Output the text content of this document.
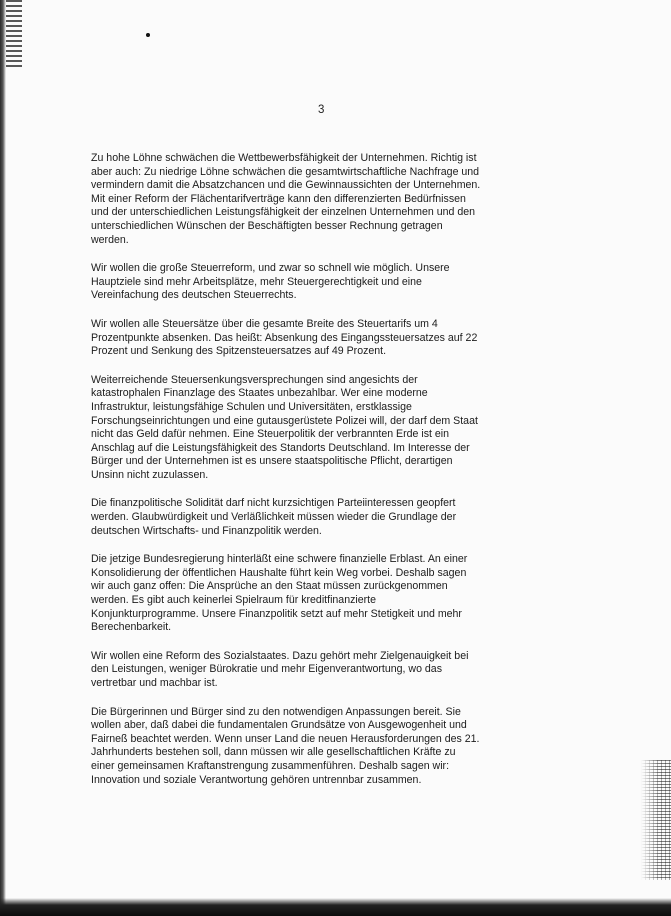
3

Zu hohe Löhne schwächen die Wettbewerbsfähigkeit der Unternehmen. Richtig ist
aber auch: Zu niedrige Löhne schwächen die gesamtwirtschaftliche Nachfrage und
vermindern damit die Absatzchancen und die Gewinnaussichten der Unternehmen.
Mit einer Reform der Flächentarifverträge kann den differenzierten Bedürfnissen
und der unterschiedlichen Leistungsfähigkeit der einzelnen Unternehmen und den
unterschiedlichen Wünschen der Beschäftigten besser Rechnung getragen
werden.

Wir wollen die große Steuerreform, und zwar so schnell wie möglich. Unsere
Hauptziele sind mehr Arbeitsplätze, mehr Steuergerechtigkeit und eine
Vereinfachung des deutschen Steuerrechts.

Wir wollen alle Steuersätze über die gesamte Breite des Steuertarifs um 4
Prozentpunkte absenken. Das heißt: Absenkung des Eingangssteuersatzes auf 22
Prozent und Senkung des Spitzensteuersatzes auf 49 Prozent.

Weiterreichende Steuersenkungsversprechungen sind angesichts der
katastrophalen Finanzlage des Staates unbezahlbar. Wer eine moderne
Infrastruktur, leistungsfähige Schulen und Universitäten, erstklassige
Forschungseinrichtungen und eine gutausgerüstete Polizei will, der darf dem Staat
nicht das Geld dafür nehmen. Eine Steuerpolitik der verbrannten Erde ist ein
Anschlag auf die Leistungsfähigkeit des Standorts Deutschland. Im Interesse der
Bürger und der Unternehmen ist es unsere staatspolitische Pflicht, derartigen
Unsinn nicht zuzulassen.

Die finanzpolitische Solidität darf nicht kurzsichtigen Parteiinteressen geopfert
werden. Glaubwürdigkeit und Verläßlichkeit müssen wieder die Grundlage der
deutschen Wirtschafts- und Finanzpolitik werden.

Die jetzige Bundesregierung hinterläßt eine schwere finanzielle Erblast. An einer
Konsolidierung der öffentlichen Haushalte führt kein Weg vorbei. Deshalb sagen
wir auch ganz offen: Die Ansprüche an den Staat müssen zurückgenommen
werden. Es gibt auch keinerlei Spielraum für kreditfinanzierte
Konjunkturprogramme. Unsere Finanzpolitik setzt auf mehr Stetigkeit und mehr
Berechenbarkeit.

Wir wollen eine Reform des Sozialstaates. Dazu gehört mehr Zielgenauigkeit bei
den Leistungen, weniger Bürokratie und mehr Eigenverantwortung, wo das
vertretbar und machbar ist.

Die Bürgerinnen und Bürger sind zu den notwendigen Anpassungen bereit. Sie
wollen aber, daß dabei die fundamentalen Grundsätze von Ausgewogenheit und
Fairneß beachtet werden. Wenn unser Land die neuen Herausforderungen des 21.
Jahrhunderts bestehen soll, dann müssen wir alle gesellschaftlichen Kräfte zu
einer gemeinsamen Kraftanstrengung zusammenführen. Deshalb sagen wir:
Innovation und soziale Verantwortung gehören untrennbar zusammen.
